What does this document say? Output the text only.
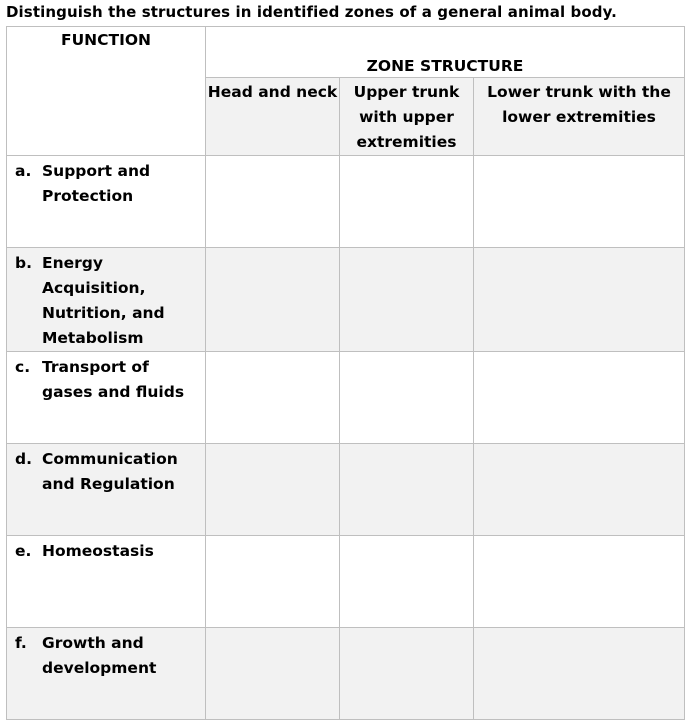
Distinguish the structures in identified zones of a general animal body.
FUNCTION	ZONE STRUCTURE		
	Head and neck	Upper trunk with upper extremities	Lower trunk with the lower extremities

a. Support and Protection			

b. Energy Acquisition, Nutrition, and Metabolism			

c. Transport of gases and fluids			

d. Communication and Regulation			

e. Homeostasis			

f. Growth and development			
